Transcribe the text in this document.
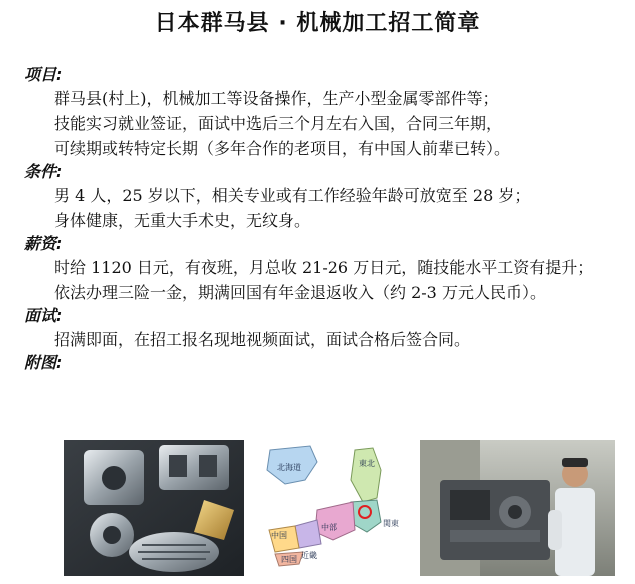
日本群马县 · 机械加工招工简章
项目:
群马县(村上)，机械加工等设备操作，生产小型金属零部件等；
技能实习就业签证，面试中选后三个月左右入国，合同三年期，
可续期或转特定长期（多年合作的老项目，有中国人前辈已转）。
条件:
男 4 人，25 岁以下，相关专业或有工作经验年龄可放宽至 28 岁；
身体健康，无重大手术史，无纹身。
薪资:
时给 1120 日元，有夜班，月总收 21-26 万日元，随技能水平工资有提升；
依法办理三险一金，期满回国有年金退返收入（约 2-3 万元人民币）。
面试:
招满即面，在招工报名现地视频面试，面试合格后签合同。
附图:
北海道	東北
中国
四国
中部	関東
近畿
